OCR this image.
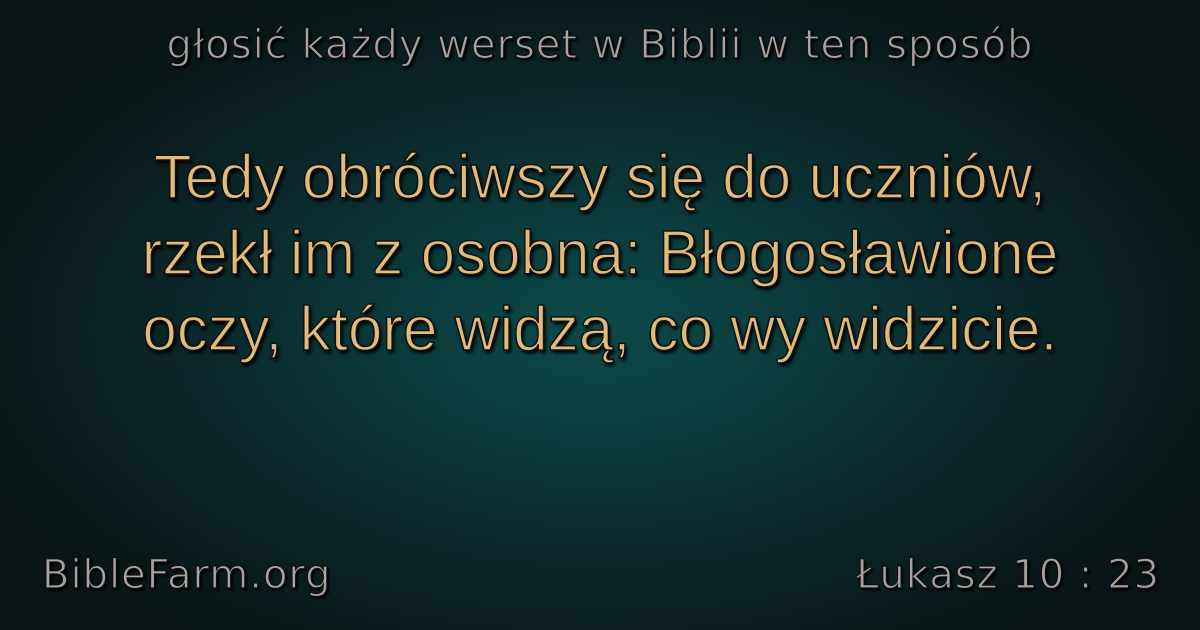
głosić każdy werset w Biblii w ten sposób
Tedy obróciwszy się do uczniów,
rzekł im z osobna: Błogosławione
oczy, które widzą, co wy widzicie.
BibleFarm.org	Łukasz 10 : 23
